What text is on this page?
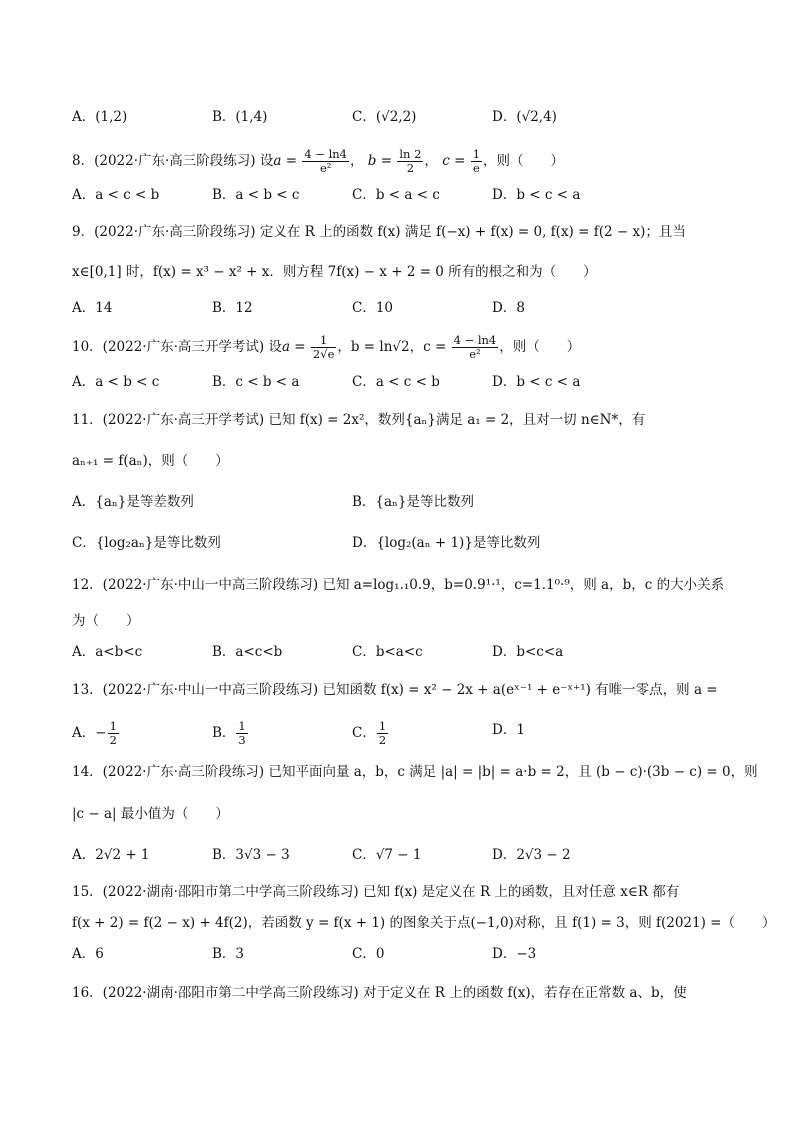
A．(1,2)	B．(1,4)	C．(√2,2)	D．(√2,4)
8．(2022·广东·高三阶段练习) 设$a = \frac{4 - \ln 4}{\text{e²}}$ ， $b = \frac{\ln 2}{2}$ ， $c = \frac{1}{e}$ ，则（　　）
A．a < c < b	B．a < b < c	C．b < a < c	D．b < c < a
9．(2022·广东·高三阶段练习) 定义在 R 上的函数 f(x) 满足 f(−x) + f(x) = 0, f(x) = f(2 − x)；且当
x∈[0,1] 时，f(x) = x³ − x² + x．则方程 7f(x) − x + 2 = 0 所有的根之和为（　　）
A．14	B．12	C．10	D．8
10．(2022·广东·高三开学考试) 设$a = \frac{1}{2√e}$ ，b = ln√2，$c = \frac{4 - \ln 4}{\text{e²}}$ ，则（　　）
A．a < b < c	B．c < b < a	C．a < c < b	D．b < c < a
11．(2022·广东·高三开学考试) 已知 f(x) = 2x²，数列{aₙ}满足 a₁ = 2，且对一切 n∈N*，有
aₙ₊₁ = f(aₙ)，则（　　）
A．{aₙ}是等差数列	B．{aₙ}是等比数列
C．{log₂aₙ}是等比数列	D．{log₂(aₙ + 1)}是等比数列
12．(2022·广东·中山一中高三阶段练习) 已知 a=log₁.₁0.9，b=0.9¹·¹，c=1.1⁰·⁹，则 a，b，c 的大小关系
为（　　）
A．a<b<c	B．a<c<b	C．b<a<c	D．b<c<a
13．(2022·广东·中山一中高三阶段练习) 已知函数 f(x) = x² − 2x + a(eˣ⁻¹ + e⁻ˣ⁺¹) 有唯一零点，则 a =
A．− $\frac{1}{2}$	B． $\frac{1}{3}$	C． $\frac{1}{2}$	D．1
14．(2022·广东·高三阶段练习) 已知平面向量 a，b，c 满足 |a| = |b| = a·b = 2，且 (b − c)·(3b − c) = 0，则
|c − a| 最小值为（　　）
A．2√2 + 1	B．3√3 − 3	C．√7 − 1	D．2√3 − 2
15．(2022·湖南·邵阳市第二中学高三阶段练习) 已知 f(x) 是定义在 R 上的函数，且对任意 x∈R 都有
f(x + 2) = f(2 − x) + 4f(2)，若函数 y = f(x + 1) 的图象关于点(−1,0)对称，且 f(1) = 3，则 f(2021) =（　　）
A．6	B．3	C．0	D．−3
16．(2022·湖南·邵阳市第二中学高三阶段练习) 对于定义在 R 上的函数 f(x)，若存在正常数 a、b，使
